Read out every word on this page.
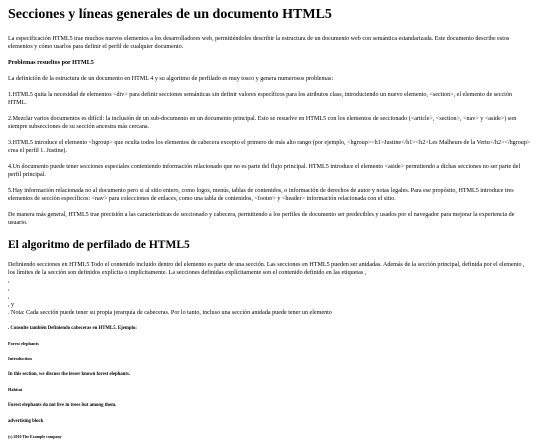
Secciones y líneas generales de un documento HTML5

La especificación HTML5 trae muchos nuevos elementos a los desarrolladores web, permitiéndoles describir la estructura de un documento web con semántica estandarizada. Este documento describe estos elementos y cómo usarlos para definir el perfil de cualquier documento.

Problemas resueltos por HTML5

La definición de la estructura de un documento en HTML 4 y su algoritmo de perfilado es muy tosco y genera numerosos problemas:

1.HTML5 quita la necesidad de elementos <div> para definir secciones semánticas sin definir valores específicos para los atributos class, introduciendo un nuevo elemento, <section>, el elemento de sección HTML.

2.Mezclar varios documentos es difícil: la inclusión de un sub-documento en un documento principal. Esto se resuelve en HTML5 con los elementos de seccionado (<article>, <section>, <nav> y <aside>) son siempre subsecciones de su sección ancestra más cercana.

3.HTML5 introduce el elemento <hgroup> que oculta todos los elementos de cabecera excepto el primero de más alto rango (por ejemplo, <hgroup><h1>Justine</h1><h2>Les Malheurs de la Vertu</h2></hgroup> crea el perfil 1. Justine).

4.Un documento puede tener secciones especiales conteniendo información relacionado que no es parte del flujo principal. HTML5 introduce el elemento <aside> permitiendo a dichas secciones no ser parte del perfil principal.

5.Hay información relacionada no al documento pero si al sitio entero, como logos, menús, tablas de contenidos, o información de derechos de autor y notas legales. Para ese propósito, HTML5 introduce tres elementos de sección específicos: <nav> para colecciones de enlaces, como una tabla de contenidos, <footer> y <header> información relacionada con el sitio.

De manera más general, HTML5 trae precisión a las características de seccionado y cabecera, permitiendo a los perfiles de documento ser predecibles y usados por el navegador para mejorar la experiencia de usuario.

El algoritmo de perfilado de HTML5

Definiendo secciones en HTML5 Todo el contenido incluido dentro del elemento es parte de una sección. Las secciones en HTML5 pueden ser anidadas. Además de la sección principal, definida por el elemento , los límites de la sección son definidos explícita o implícitamente. La secciones definidas explícitamente son el contenido definido en las etiquetas ,

,

,

,

, y

. Nota: Cada sección puede tener su propia jerarquía de cabeceras. Por lo tanto, incluso una sección anidada puede tener un elemento

. Consulte también Definiendo cabeceras en HTML5. Ejemplo:

Forest elephants

Introduction

In this section, we discuss the lesser known forest elephants.

Habitat

Forest elephants do not live in trees but among them.

advertising block

(c) 2010 The Example company
